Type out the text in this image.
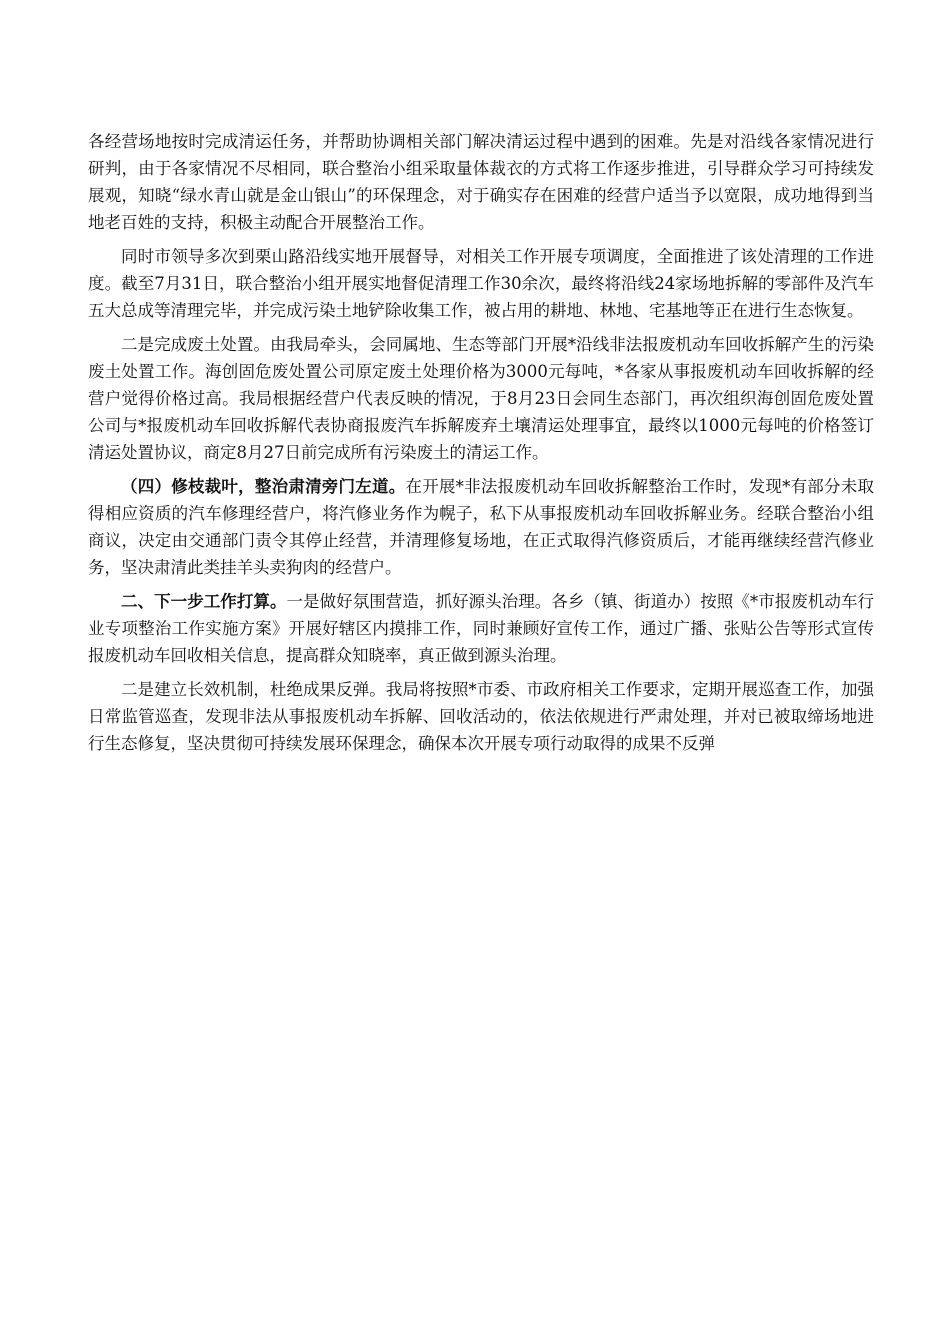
各经营场地按时完成清运任务，并帮助协调相关部门解决清运过程中遇到的困难。先是对沿线各家情况进行研判，由于各家情况不尽相同，联合整治小组采取量体裁衣的方式将工作逐步推进，引导群众学习可持续发展观，知晓“绿水青山就是金山银山”的环保理念，对于确实存在困难的经营户适当予以宽限，成功地得到当地老百姓的支持，积极主动配合开展整治工作。

同时市领导多次到栗山路沿线实地开展督导，对相关工作开展专项调度，全面推进了该处清理的工作进度。截至7月31日，联合整治小组开展实地督促清理工作30余次，最终将沿线24家场地拆解的零部件及汽车五大总成等清理完毕，并完成污染土地铲除收集工作，被占用的耕地、林地、宅基地等正在进行生态恢复。

二是完成废土处置。由我局牵头，会同属地、生态等部门开展*沿线非法报废机动车回收拆解产生的污染废土处置工作。海创固危废处置公司原定废土处理价格为3000元每吨，*各家从事报废机动车回收拆解的经营户觉得价格过高。我局根据经营户代表反映的情况，于8月23日会同生态部门，再次组织海创固危废处置公司与*报废机动车回收拆解代表协商报废汽车拆解废弃土壤清运处理事宜，最终以1000元每吨的价格签订清运处置协议，商定8月27日前完成所有污染废土的清运工作。

（四）修枝裁叶，整治肃清旁门左道。在开展*非法报废机动车回收拆解整治工作时，发现*有部分未取得相应资质的汽车修理经营户，将汽修业务作为幌子，私下从事报废机动车回收拆解业务。经联合整治小组商议，决定由交通部门责令其停止经营，并清理修复场地，在正式取得汽修资质后，才能再继续经营汽修业务，坚决肃清此类挂羊头卖狗肉的经营户。

二、下一步工作打算。一是做好氛围营造，抓好源头治理。各乡（镇、街道办）按照《*市报废机动车行业专项整治工作实施方案》开展好辖区内摸排工作，同时兼顾好宣传工作，通过广播、张贴公告等形式宣传报废机动车回收相关信息，提高群众知晓率，真正做到源头治理。

二是建立长效机制，杜绝成果反弹。我局将按照*市委、市政府相关工作要求，定期开展巡查工作，加强日常监管巡查，发现非法从事报废机动车拆解、回收活动的，依法依规进行严肃处理，并对已被取缔场地进行生态修复，坚决贯彻可持续发展环保理念，确保本次开展专项行动取得的成果不反弹
